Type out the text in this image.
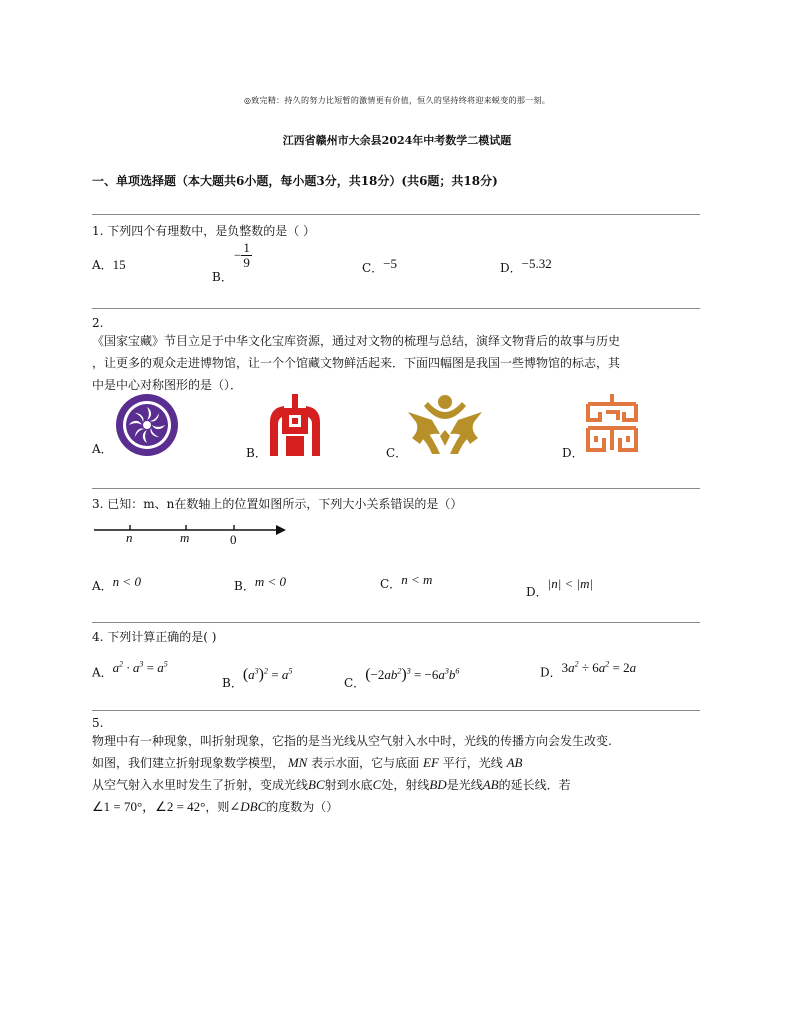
◎致完精：持久的努力比短暂的激情更有价值，恒久的坚持终将迎来蜕变的那一刻。
江西省赣州市大余县2024年中考数学二模试题
一、单项选择题（本大题共6小题，每小题3分，共18分）(共6题；共18分)
1. 下列四个有理数中，是负整数的是（ ）
A．15
B．
− $\frac{1}{9}$	C．−5	D．−5.32
2.
《国家宝藏》节目立足于中华文化宝库资源，通过对文物的梳理与总结，演绎文物背后的故事与历史
，让更多的观众走进博物馆，让一个个馆藏文物鲜活起来．下面四幅图是我国一些博物馆的标志，其
中是中心对称图形的是（）．
A．	B．	C．	D．
3. 已知：m、n在数轴上的位置如图所示，下列大小关系错误的是（）
n	m	0
A．n < 0	B．m < 0	C．n < m
D．|n| < |m|
4. 下列计算正确的是( )
A．$a^2 \cdot a^3 = a^5$
B．$(a^3)^2 = a^5$
C．$(-2ab^2)^3 = -6a^3b^6$	D．$3a^2 \div 6a^2 = 2a$
5.
物理中有一种现象，叫折射现象，它指的是当光线从空气射入水中时，光线的传播方向会发生改变.
如图，我们建立折射现象数学模型， MN 表示水面，它与底面 EF 平行，光线 AB
从空气射入水里时发生了折射，变成光线BC射到水底C处，射线BD是光线AB的延长线．若
∠1 = 70°，∠2 = 42°，则∠DBC的度数为（）
